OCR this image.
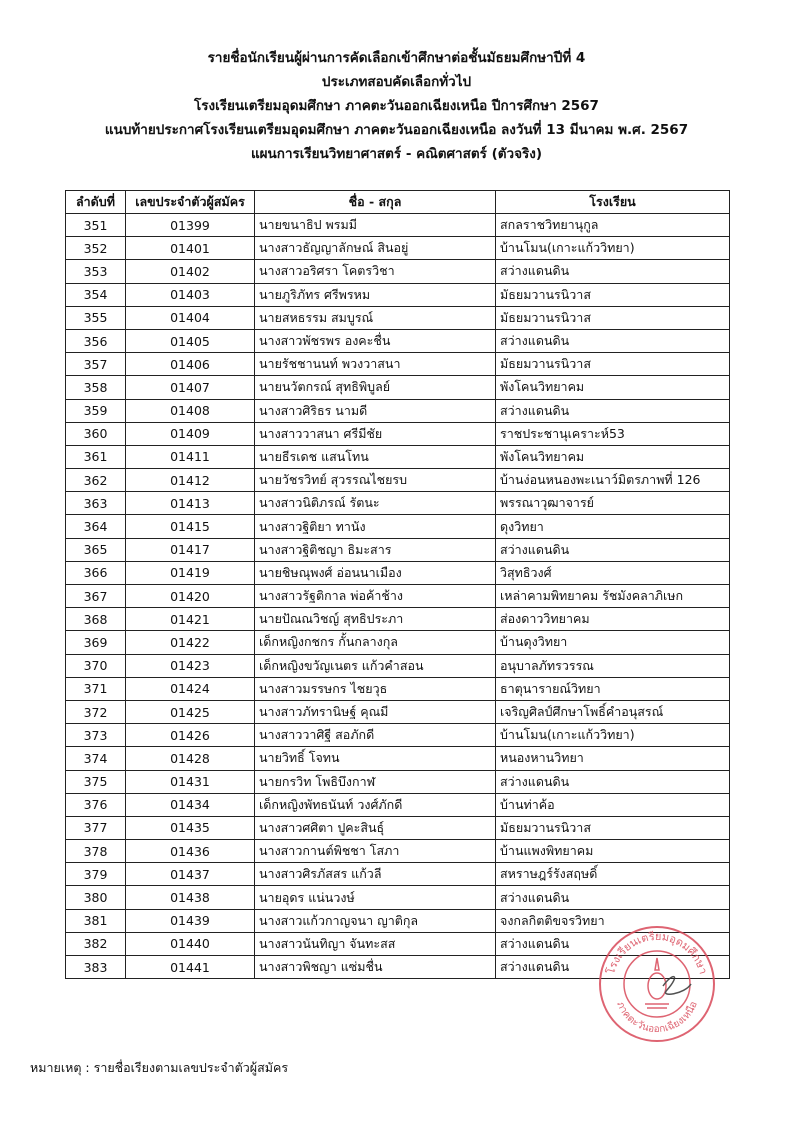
รายชื่อนักเรียนผู้ผ่านการคัดเลือกเข้าศึกษาต่อชั้นมัธยมศึกษาปีที่ 4
ประเภทสอบคัดเลือกทั่วไป
โรงเรียนเตรียมอุดมศึกษา ภาคตะวันออกเฉียงเหนือ ปีการศึกษา 2567
แนบท้ายประกาศโรงเรียนเตรียมอุดมศึกษา ภาคตะวันออกเฉียงเหนือ ลงวันที่ 13 มีนาคม พ.ศ. 2567
แผนการเรียนวิทยาศาสตร์ - คณิตศาสตร์ (ตัวจริง)
ลำดับที่	เลขประจำตัวผู้สมัคร	ชื่อ - สกุล	โรงเรียน
351	01399	นายขนาธิป พรมมี	สกลราชวิทยานุกูล
352	01401	นางสาวธัญญาลักษณ์ สินอยู่	บ้านโมน(เกาะแก้ววิทยา)
353	01402	นางสาวอริศรา โคตรวิชา	สว่างแดนดิน
354	01403	นายภูริภัทร ศรีพรหม	มัธยมวานรนิวาส
355	01404	นายสหธรรม สมบูรณ์	มัธยมวานรนิวาส
356	01405	นางสาวพัชรพร องคะชื่น	สว่างแดนดิน
357	01406	นายรัชชานนท์ พวงวาสนา	มัธยมวานรนิวาส
358	01407	นายนวัตกรณ์ สุทธิพิบูลย์	พังโคนวิทยาคม
359	01408	นางสาวศิริธร นามดี	สว่างแดนดิน
360	01409	นางสาววาสนา ศรีมีชัย	ราชประชานุเคราะห์53
361	01411	นายธีรเดช แสนโทน	พังโคนวิทยาคม
362	01412	นายวัชรวิทย์ สุวรรณไชยรบ	บ้านง่อนหนองพะเนาว์มิตรภาพที่ 126
363	01413	นางสาวนิติภรณ์ รัตนะ	พรรณาวุฒาจารย์
364	01415	นางสาวฐิติยา ทานัง	ดุงวิทยา
365	01417	นางสาวฐิติชญา ธิมะสาร	สว่างแดนดิน
366	01419	นายชิษณุพงศ์ อ่อนนาเมือง	วิสุทธิวงศ์
367	01420	นางสาวรัฐติกาล พ่อค้าช้าง	เหล่าคามพิทยาคม รัชมังคลาภิเษก
368	01421	นายปัณณวิชญ์ สุทธิประภา	ส่องดาววิทยาคม
369	01422	เด็กหญิงกชกร กั้นกลางกุล	บ้านดุงวิทยา
370	01423	เด็กหญิงขวัญเนตร แก้วคำสอน	อนุบาลภัทรวรรณ
371	01424	นางสาวมรรษกร ไชยวุธ	ธาตุนารายณ์วิทยา
372	01425	นางสาวภัทรานิษฐ์ คุณมี	เจริญศิลป์ศึกษาโพธิ์คำอนุสรณ์
373	01426	นางสาววาศิฐี สอภักดี	บ้านโมน(เกาะแก้ววิทยา)
374	01428	นายวิทธิ์ โจทน	หนองหานวิทยา
375	01431	นายกรวิท โพธิบึงกาฬ	สว่างแดนดิน
376	01434	เด็กหญิงพัทธนันท์ วงศ์ภักดี	บ้านท่าค้อ
377	01435	นางสาวศศิตา ปูคะสินธุ์	มัธยมวานรนิวาส
378	01436	นางสาวกานต์พิชชา โสภา	บ้านแพงพิทยาคม
379	01437	นางสาวศิรภัสสร แก้วลี	สหราษฎร์รังสฤษดิ์
380	01438	นายอุดร แน่นวงษ์	สว่างแดนดิน
381	01439	นางสาวแก้วกาญจนา ญาติกุล	จงกลกิตติขจรวิทยา
382	01440	นางสาวนันทิญา จันทะสส	สว่างแดนดิน
383	01441	นางสาวพิชญา แซ่มชื่น	สว่างแดนดิน
หมายเหตุ : รายชื่อเรียงตามเลขประจำตัวผู้สมัคร
โรงเรียนเตรียมอุดมศึกษา
ภาคตะวันออกเฉียงเหนือ
